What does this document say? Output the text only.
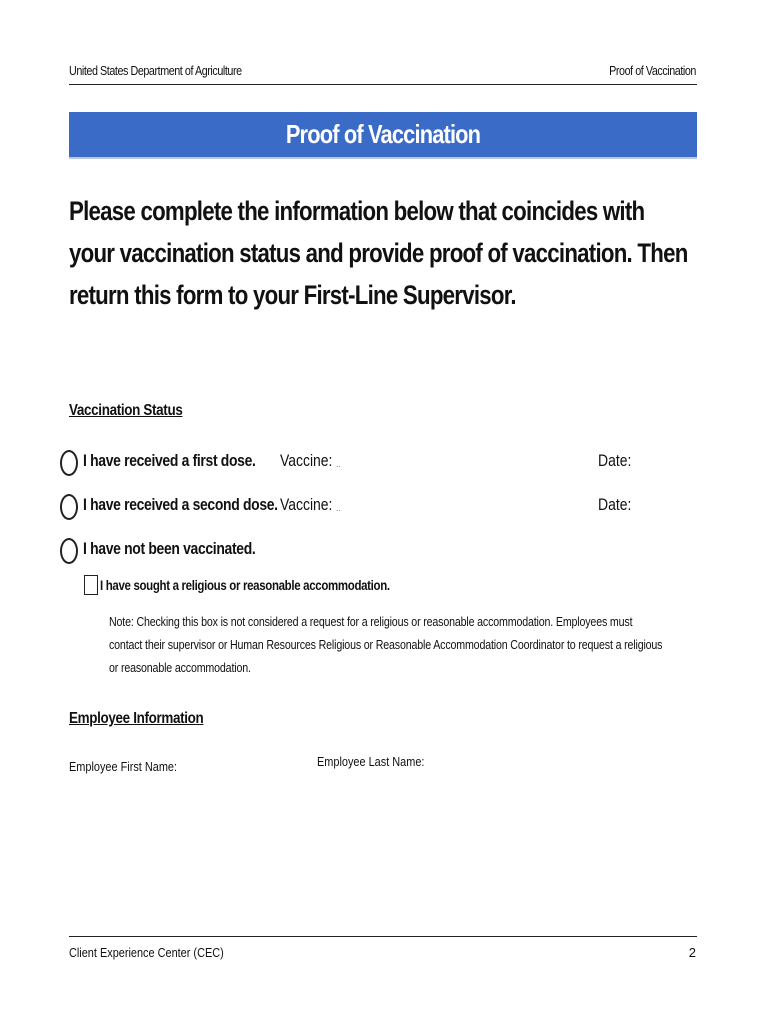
United States Department of Agriculture	Proof of Vaccination
Proof of Vaccination
Please complete the information below that coincides with your vaccination status and provide proof of vaccination. Then return this form to your First-Line Supervisor.
Vaccination Status
I have received a first dose. Vaccine: ..	Date:
I have received a second dose. Vaccine: ..	Date:
I have not been vaccinated.
I have sought a religious or reasonable accommodation.
Note: Checking this box is not considered a request for a religious or reasonable accommodation. Employees must contact their supervisor or Human Resources Religious or Reasonable Accommodation Coordinator to request a religious or reasonable accommodation.
Employee Information
Employee First Name:	Employee Last Name:
Client Experience Center (CEC)	2
